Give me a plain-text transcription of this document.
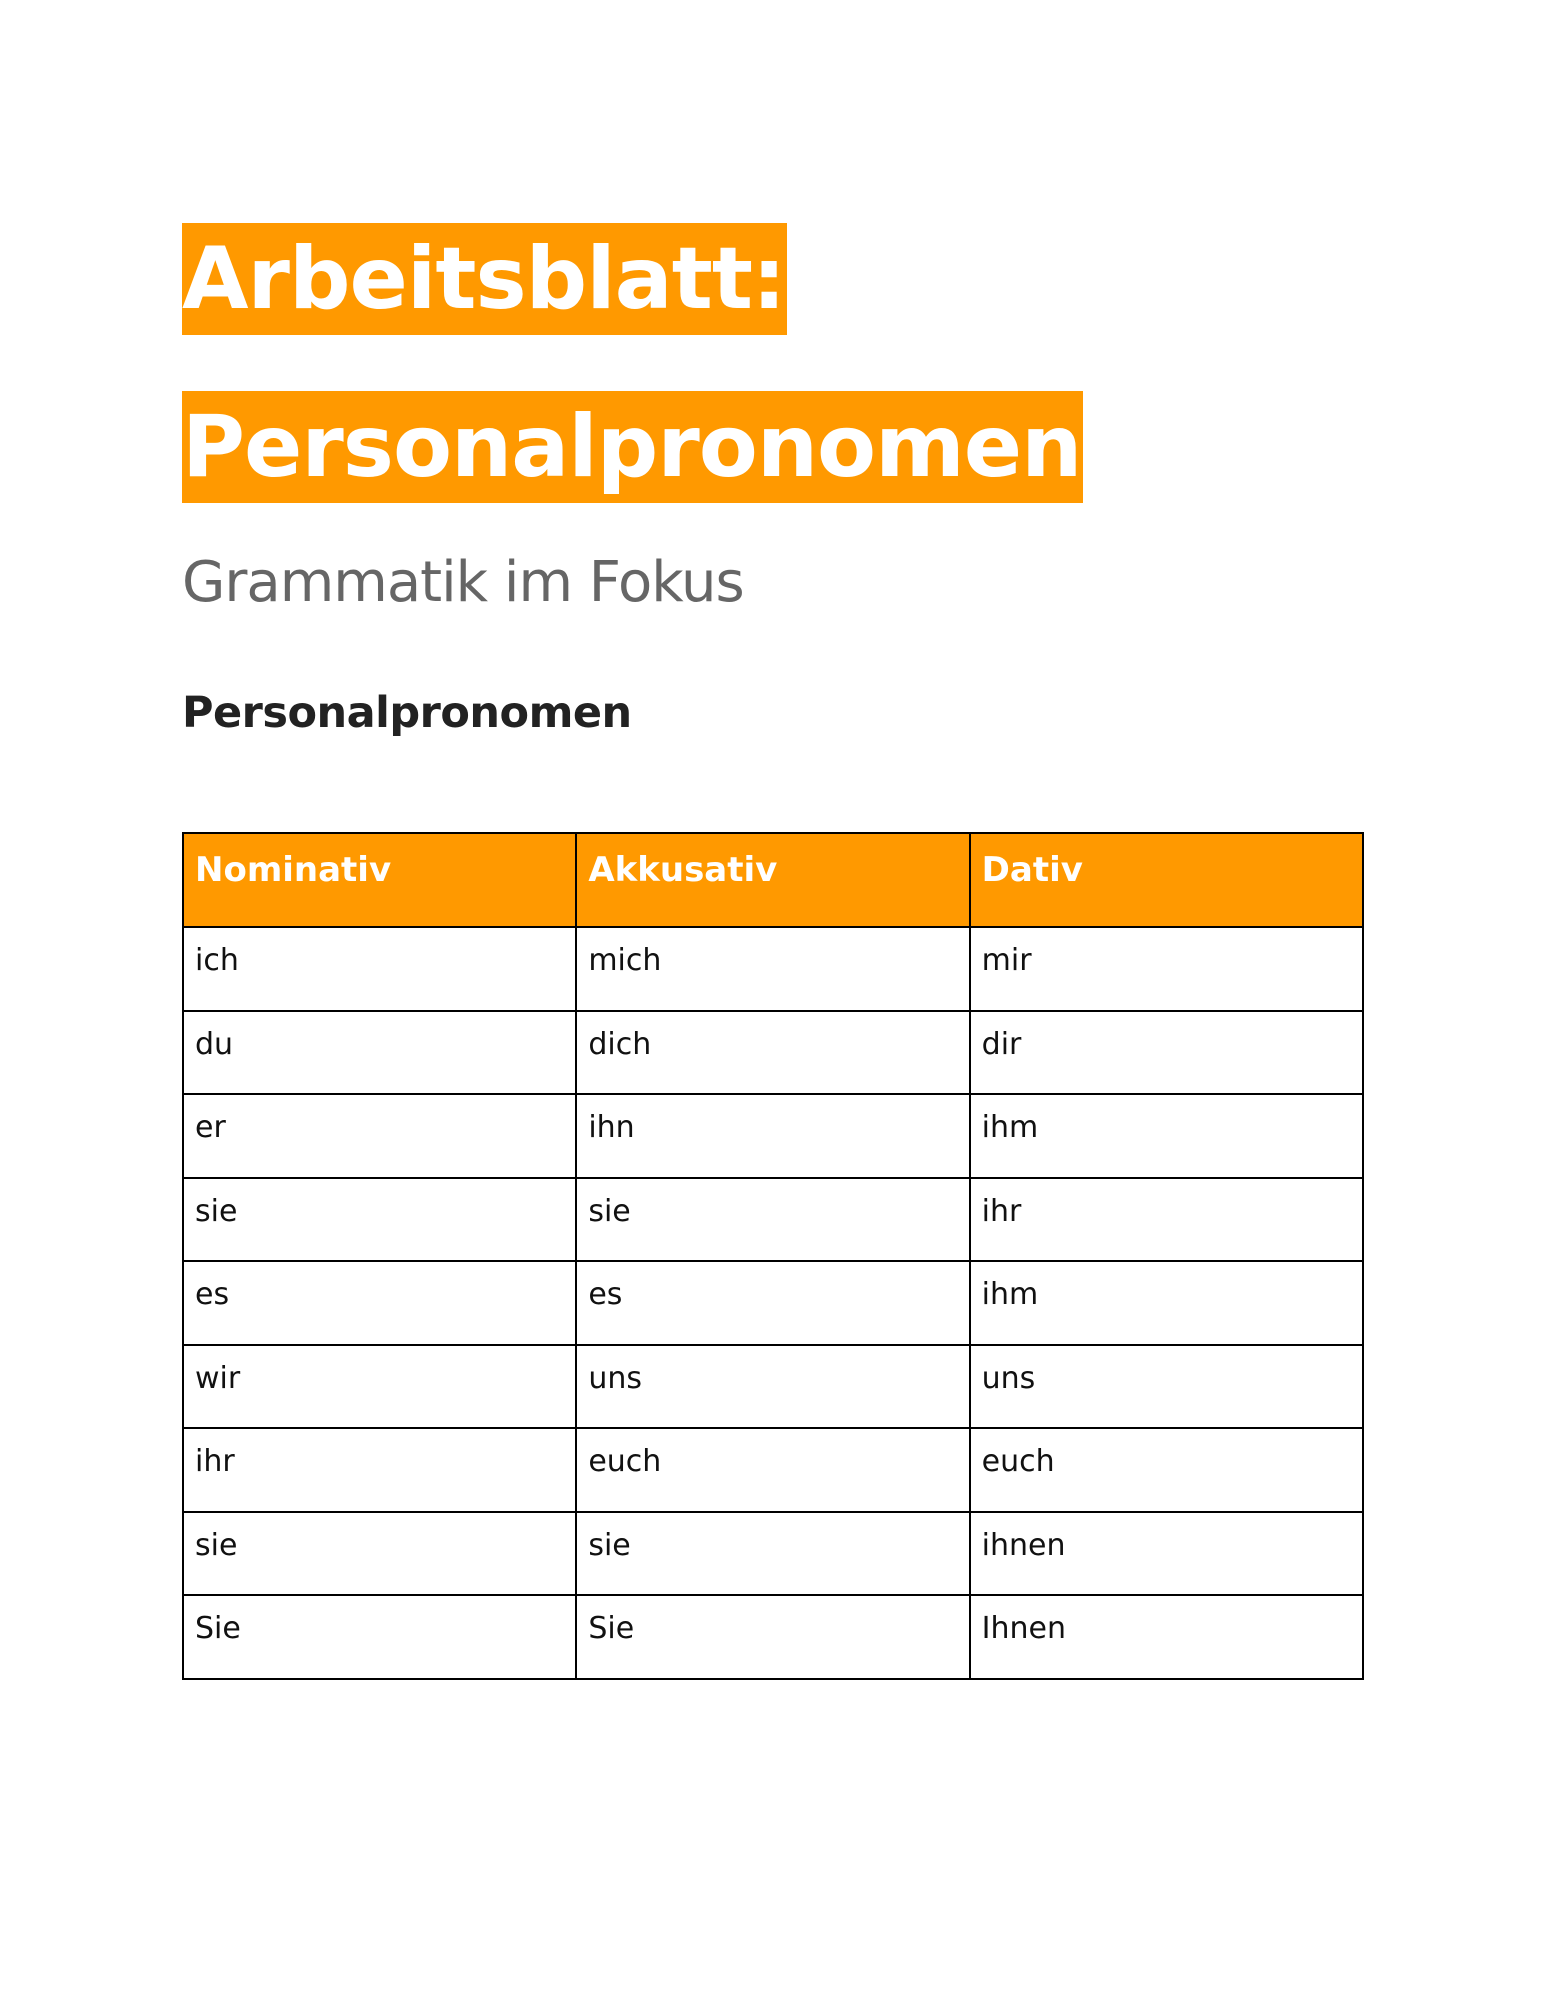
Arbeitsblatt:
Personalpronomen
Grammatik im Fokus
Personalpronomen
Nominativ	Akkusativ	Dativ
ich	mich	mir
du	dich	dir
er	ihn	ihm
sie	sie	ihr
es	es	ihm
wir	uns	uns
ihr	euch	euch
sie	sie	ihnen
Sie	Sie	Ihnen
